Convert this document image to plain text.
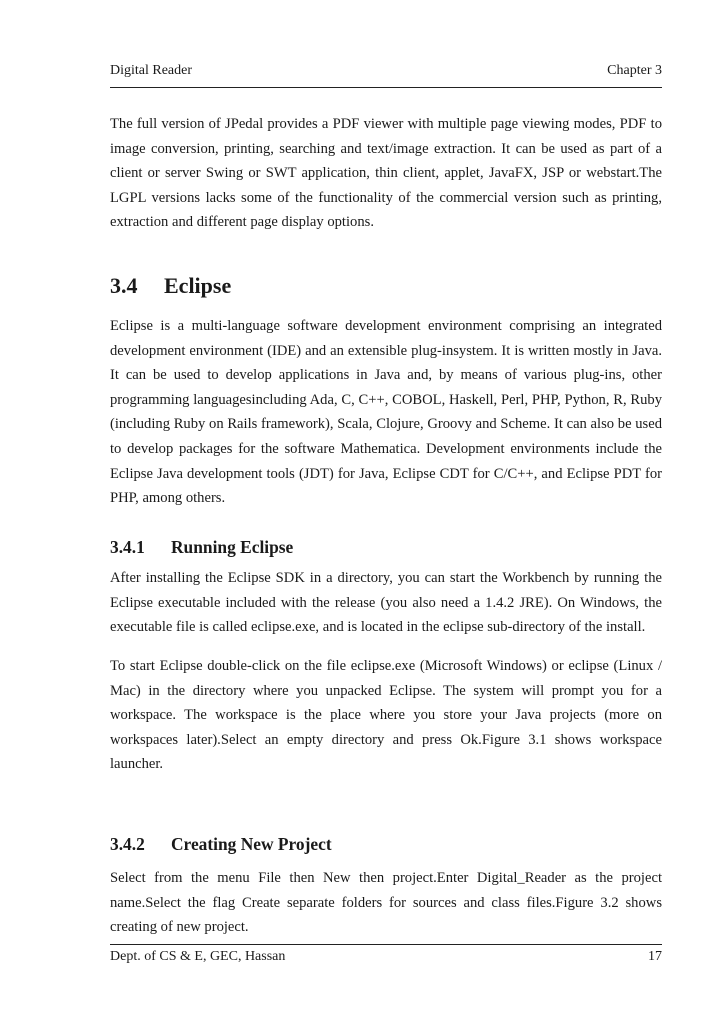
Digital Reader	Chapter 3

The full version of JPedal provides a PDF viewer with multiple page viewing modes, PDF to image conversion, printing, searching and text/image extraction. It can be used as part of a client or server Swing or SWT application, thin client, applet, JavaFX, JSP or webstart.The LGPL versions lacks some of the functionality of the commercial version such as printing, extraction and different page display options.

3.4 Eclipse

Eclipse is a multi-language software development environment comprising an integrated development environment (IDE) and an extensible plug-insystem. It is written mostly in Java. It can be used to develop applications in Java and, by means of various plug-ins, other programming languagesincluding Ada, C, C++, COBOL, Haskell, Perl, PHP, Python, R, Ruby (including Ruby on Rails framework), Scala, Clojure, Groovy and Scheme. It can also be used to develop packages for the software Mathematica. Development environments include the Eclipse Java development tools (JDT) for Java, Eclipse CDT for C/C++, and Eclipse PDT for PHP, among others.

3.4.1 Running Eclipse

After installing the Eclipse SDK in a directory, you can start the Workbench by running the Eclipse executable included with the release (you also need a 1.4.2 JRE). On Windows, the executable file is called eclipse.exe, and is located in the eclipse sub-directory of the install.

To start Eclipse double-click on the file eclipse.exe (Microsoft Windows) or eclipse (Linux / Mac) in the directory where you unpacked Eclipse. The system will prompt you for a workspace. The workspace is the place where you store your Java projects (more on workspaces later).Select an empty directory and press Ok.Figure 3.1 shows workspace launcher.

3.4.2 Creating New Project

Select from the menu File then New then project.Enter Digital_Reader as the project name.Select the flag Create separate folders for sources and class files.Figure 3.2 shows creating of new project.

Dept. of CS & E, GEC, Hassan	17
